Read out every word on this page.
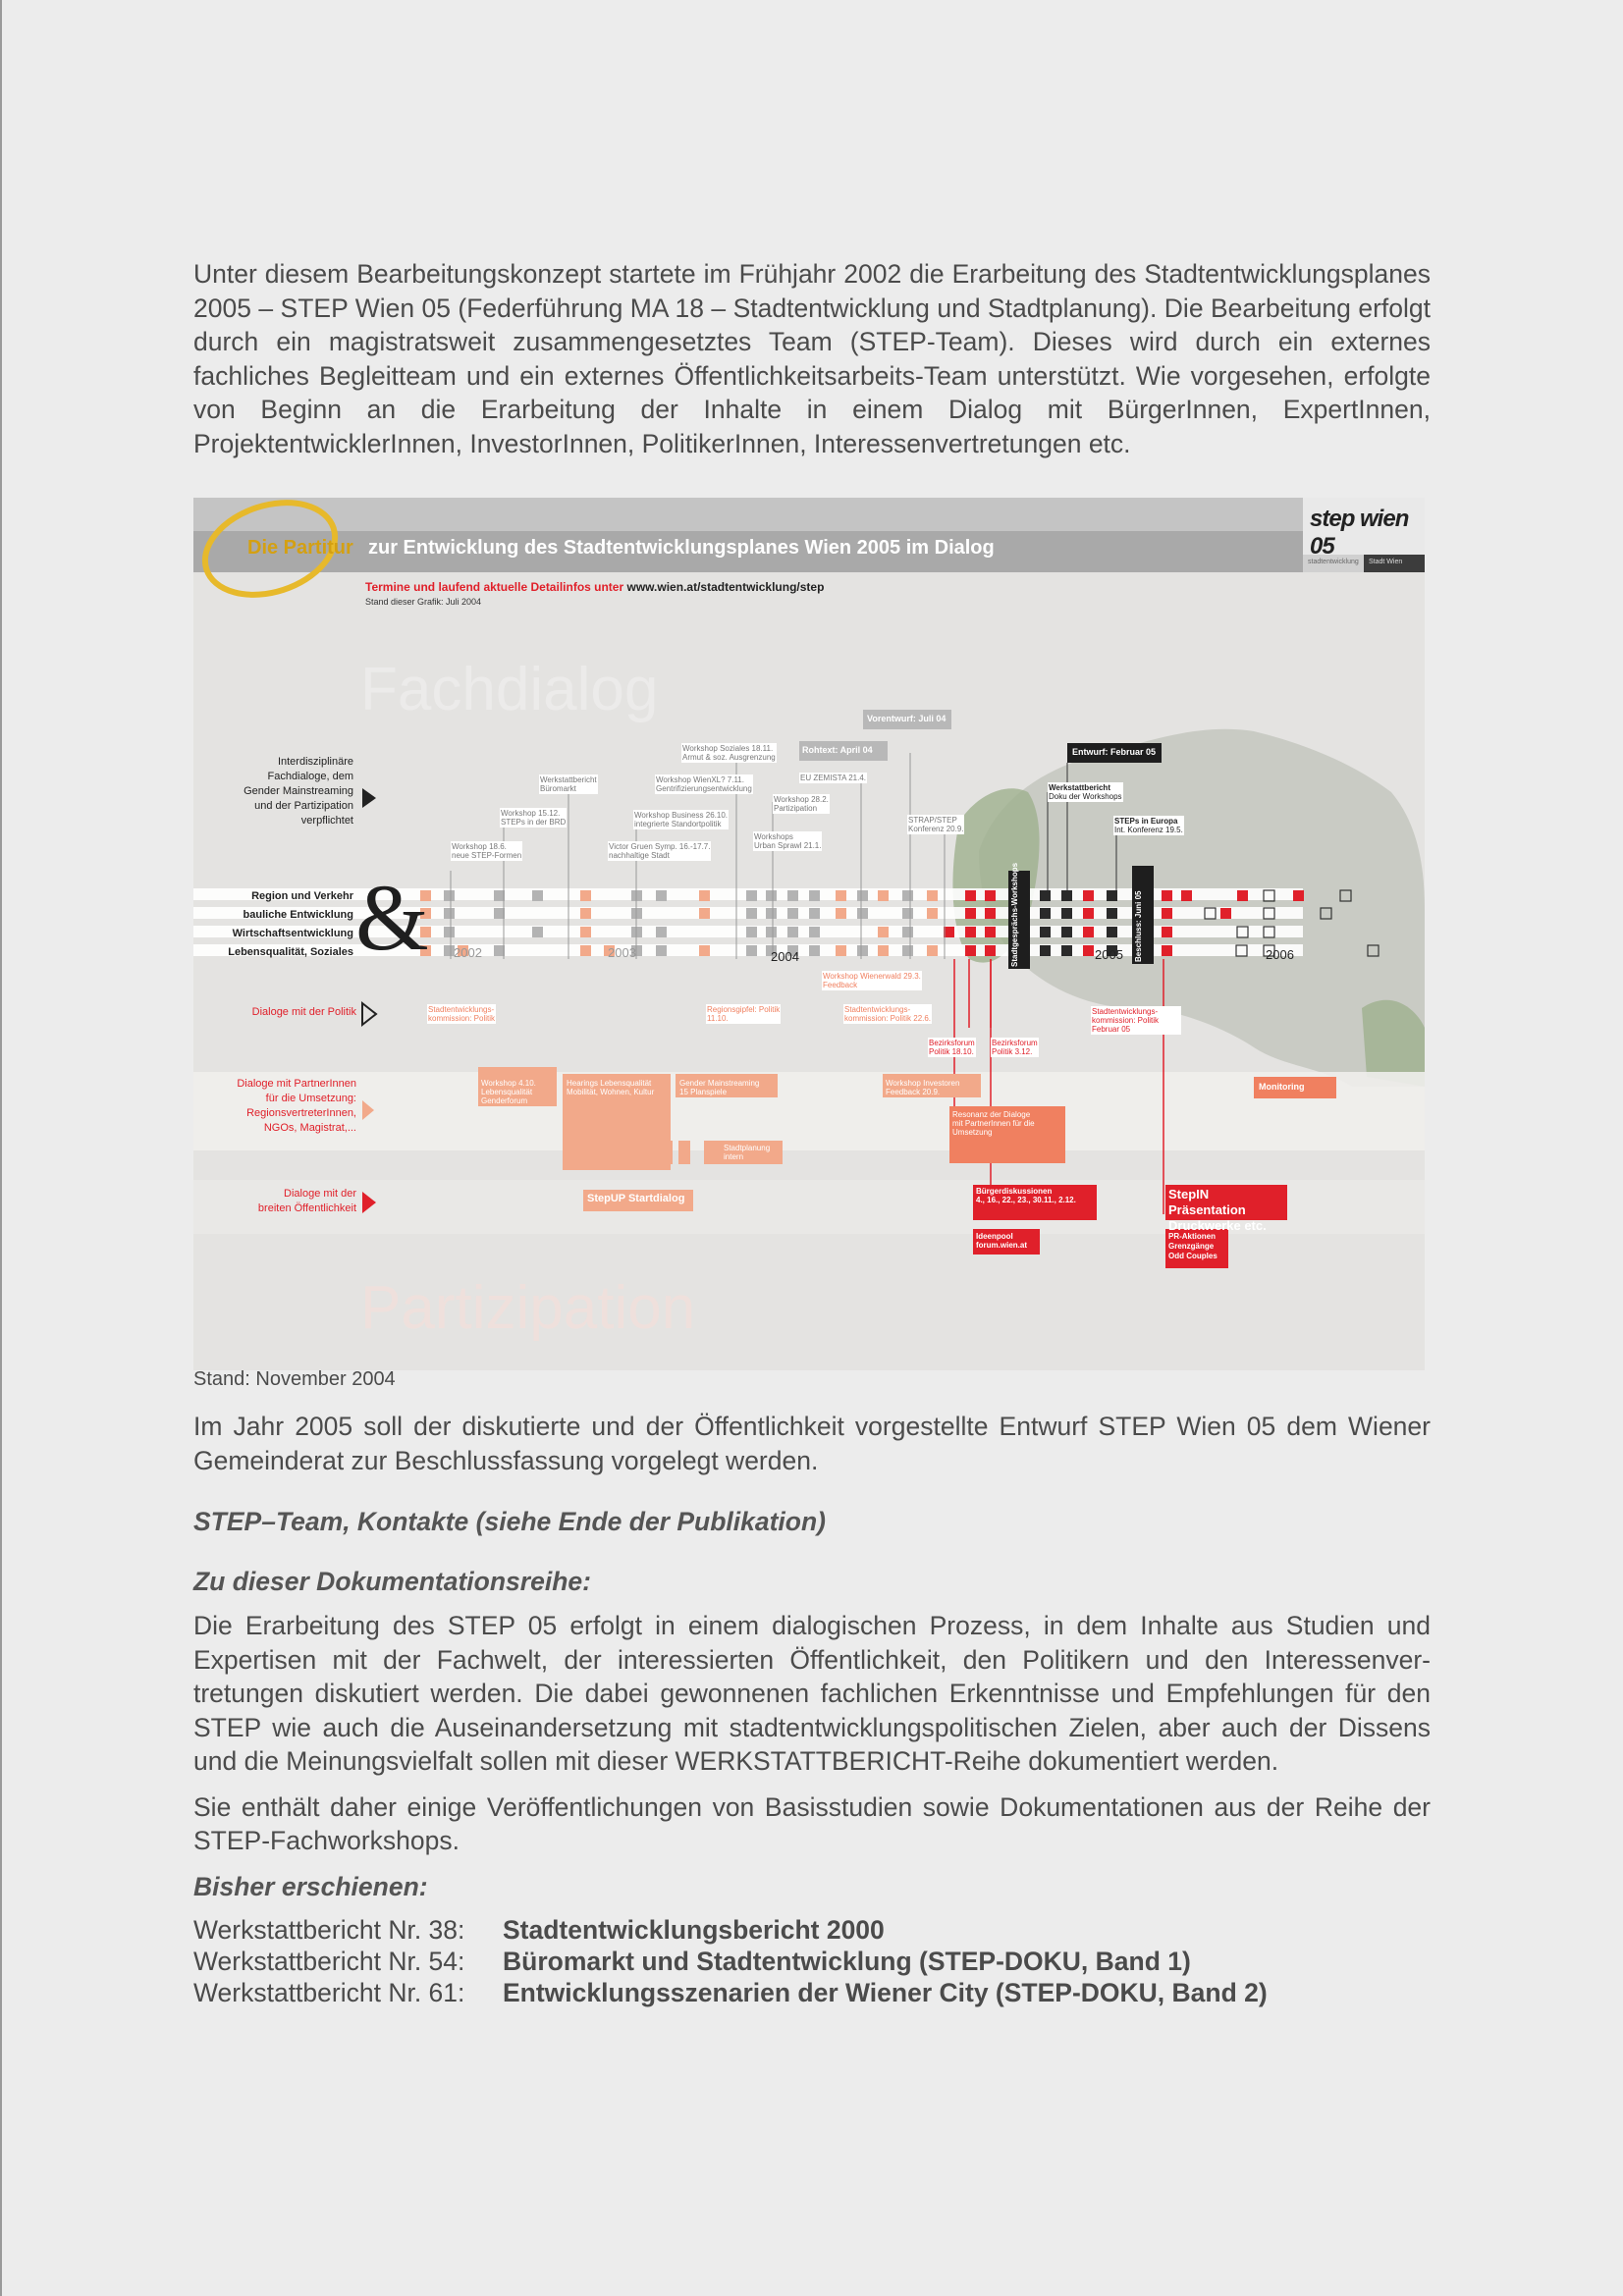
Unter diesem Bearbeitungskonzept startete im Frühjahr 2002 die Erarbeitung des Stadtentwicklungsplanes 2005 – STEP Wien 05 (Federführung MA 18 – Stadtentwicklung und Stadtplanung). Die Bearbeitung erfolgt durch ein magistratsweit zusammengesetztes Team (STEP-Team). Dieses wird durch ein externes fachliches Begleitteam und ein externes Öffentlichkeitsarbeits-Team unterstützt. Wie vorgesehen, erfolgte von Beginn an die Erarbeitung der Inhalte in einem Dialog mit BürgerInnen, ExpertInnen, ProjektentwicklerInnen, InvestorInnen, PolitikerInnen, Interessenvertretungen etc.

&
Die Partitur zur Entwicklung des Stadtentwicklungsplanes Wien 2005 im Dialog
Termine und laufend aktuelle Detailinfos unter www.wien.at/stadtentwicklung/step
Stand dieser Grafik: Juli 2004
step wien 05
stadtentwicklung Stadt Wien
Fachdialog
Partizipation
Interdisziplinäre
Fachdialoge, dem
Gender Mainstreaming
und der Partizipation
verpflichtet
Region und Verkehr
bauliche Entwicklung
Wirtschaftsentwicklung
Lebensqualität, Soziales
Dialoge mit der Politik
Dialoge mit PartnerInnen
für die Umsetzung:
RegionsvertreterInnen,
NGOs, Magistrat,...
Dialoge mit der
breiten Öffentlichkeit
2002	2003	2004	2005	2006
Workshop 18.6.
neue STEP-Formen
Workshop 15.12.
STEPs in der BRD
Werkstattbericht
Büromarkt
Workshop Soziales 18.11.
Armut & soz. Ausgrenzung
Workshop WienXL? 7.11.
Gentrifizierungsentwicklung
Workshop Business 26.10.
integrierte Standortpolitik
Victor Gruen Symp. 16.-17.7.
nachhaltige Stadt
Workshops
Urban Sprawl 21.1.
Workshop 28.2.
Partizipation
EU ZEMISTA 21.4.
Rohtext: April 04
Vorentwurf: Juli 04
STRAP/STEP
Konferenz 20.9.
Entwurf: Februar 05
Werkstattbericht
Doku der Workshops
STEPs in Europa
Int. Konferenz 19.5.
Stadtgesprächs-Workshops	Beschluss: Juni 05
Stadtentwicklungs-
kommission: Politik
Regionsgipfel: Politik
11.10.
Workshop Wienerwald 29.3.
Feedback
Stadtentwicklungs-
kommission: Politik 22.6.
Bezirksforum
Politik 18.10.
Bezirksforum
Politik 3.12.
Stadtentwicklungs-
kommission: Politik Februar 05
Workshop 4.10.
Lebensqualität Genderforum
Hearings Lebensqualität
Mobilität, Wohnen, Kultur
Gender Mainstreaming
15 Planspiele
Stadtplanung
intern
Workshop Investoren
Feedback 20.9.
Resonanz der Dialoge
mit PartnerInnen für die Umsetzung
Monitoring
StepUP Startdialog
Bürgerdiskussionen
4., 16., 22., 23., 30.11., 2.12.
Ideenpool
forum.wien.at
StepIN Präsentation
Druckwerke etc.
PR-Aktionen
Grenzgänge Odd Couples
Stand: November 2004

Im Jahr 2005 soll der diskutierte und der Öffentlichkeit vorgestellte Entwurf STEP Wien 05 dem Wiener Gemeinderat zur Beschlussfassung vorgelegt werden.

STEP–Team, Kontakte (siehe Ende der Publikation)

Zu dieser Dokumentationsreihe:

Die Erarbeitung des STEP 05 erfolgt in einem dialogischen Prozess, in dem Inhalte aus Studien und Expertisen mit der Fachwelt, der interessierten Öffentlichkeit, den Politikern und den Interessenvertretungen diskutiert werden. Die dabei gewonnenen fachlichen Erkenntnisse und Empfehlungen für den STEP wie auch die Auseinandersetzung mit stadtentwicklungspolitischen Zielen, aber auch der Dissens und die Meinungsvielfalt sollen mit dieser WERKSTATTBERICHT-Reihe dokumentiert werden.

Sie enthält daher einige Veröffentlichungen von Basisstudien sowie Dokumentationen aus der Reihe der STEP-Fachworkshops.

Bisher erschienen:

Werkstattbericht Nr. 38:	Stadtentwicklungsbericht 2000
Werkstattbericht Nr. 54:	Büromarkt und Stadtentwicklung (STEP-DOKU, Band 1)
Werkstattbericht Nr. 61:	Entwicklungsszenarien der Wiener City (STEP-DOKU, Band 2)
